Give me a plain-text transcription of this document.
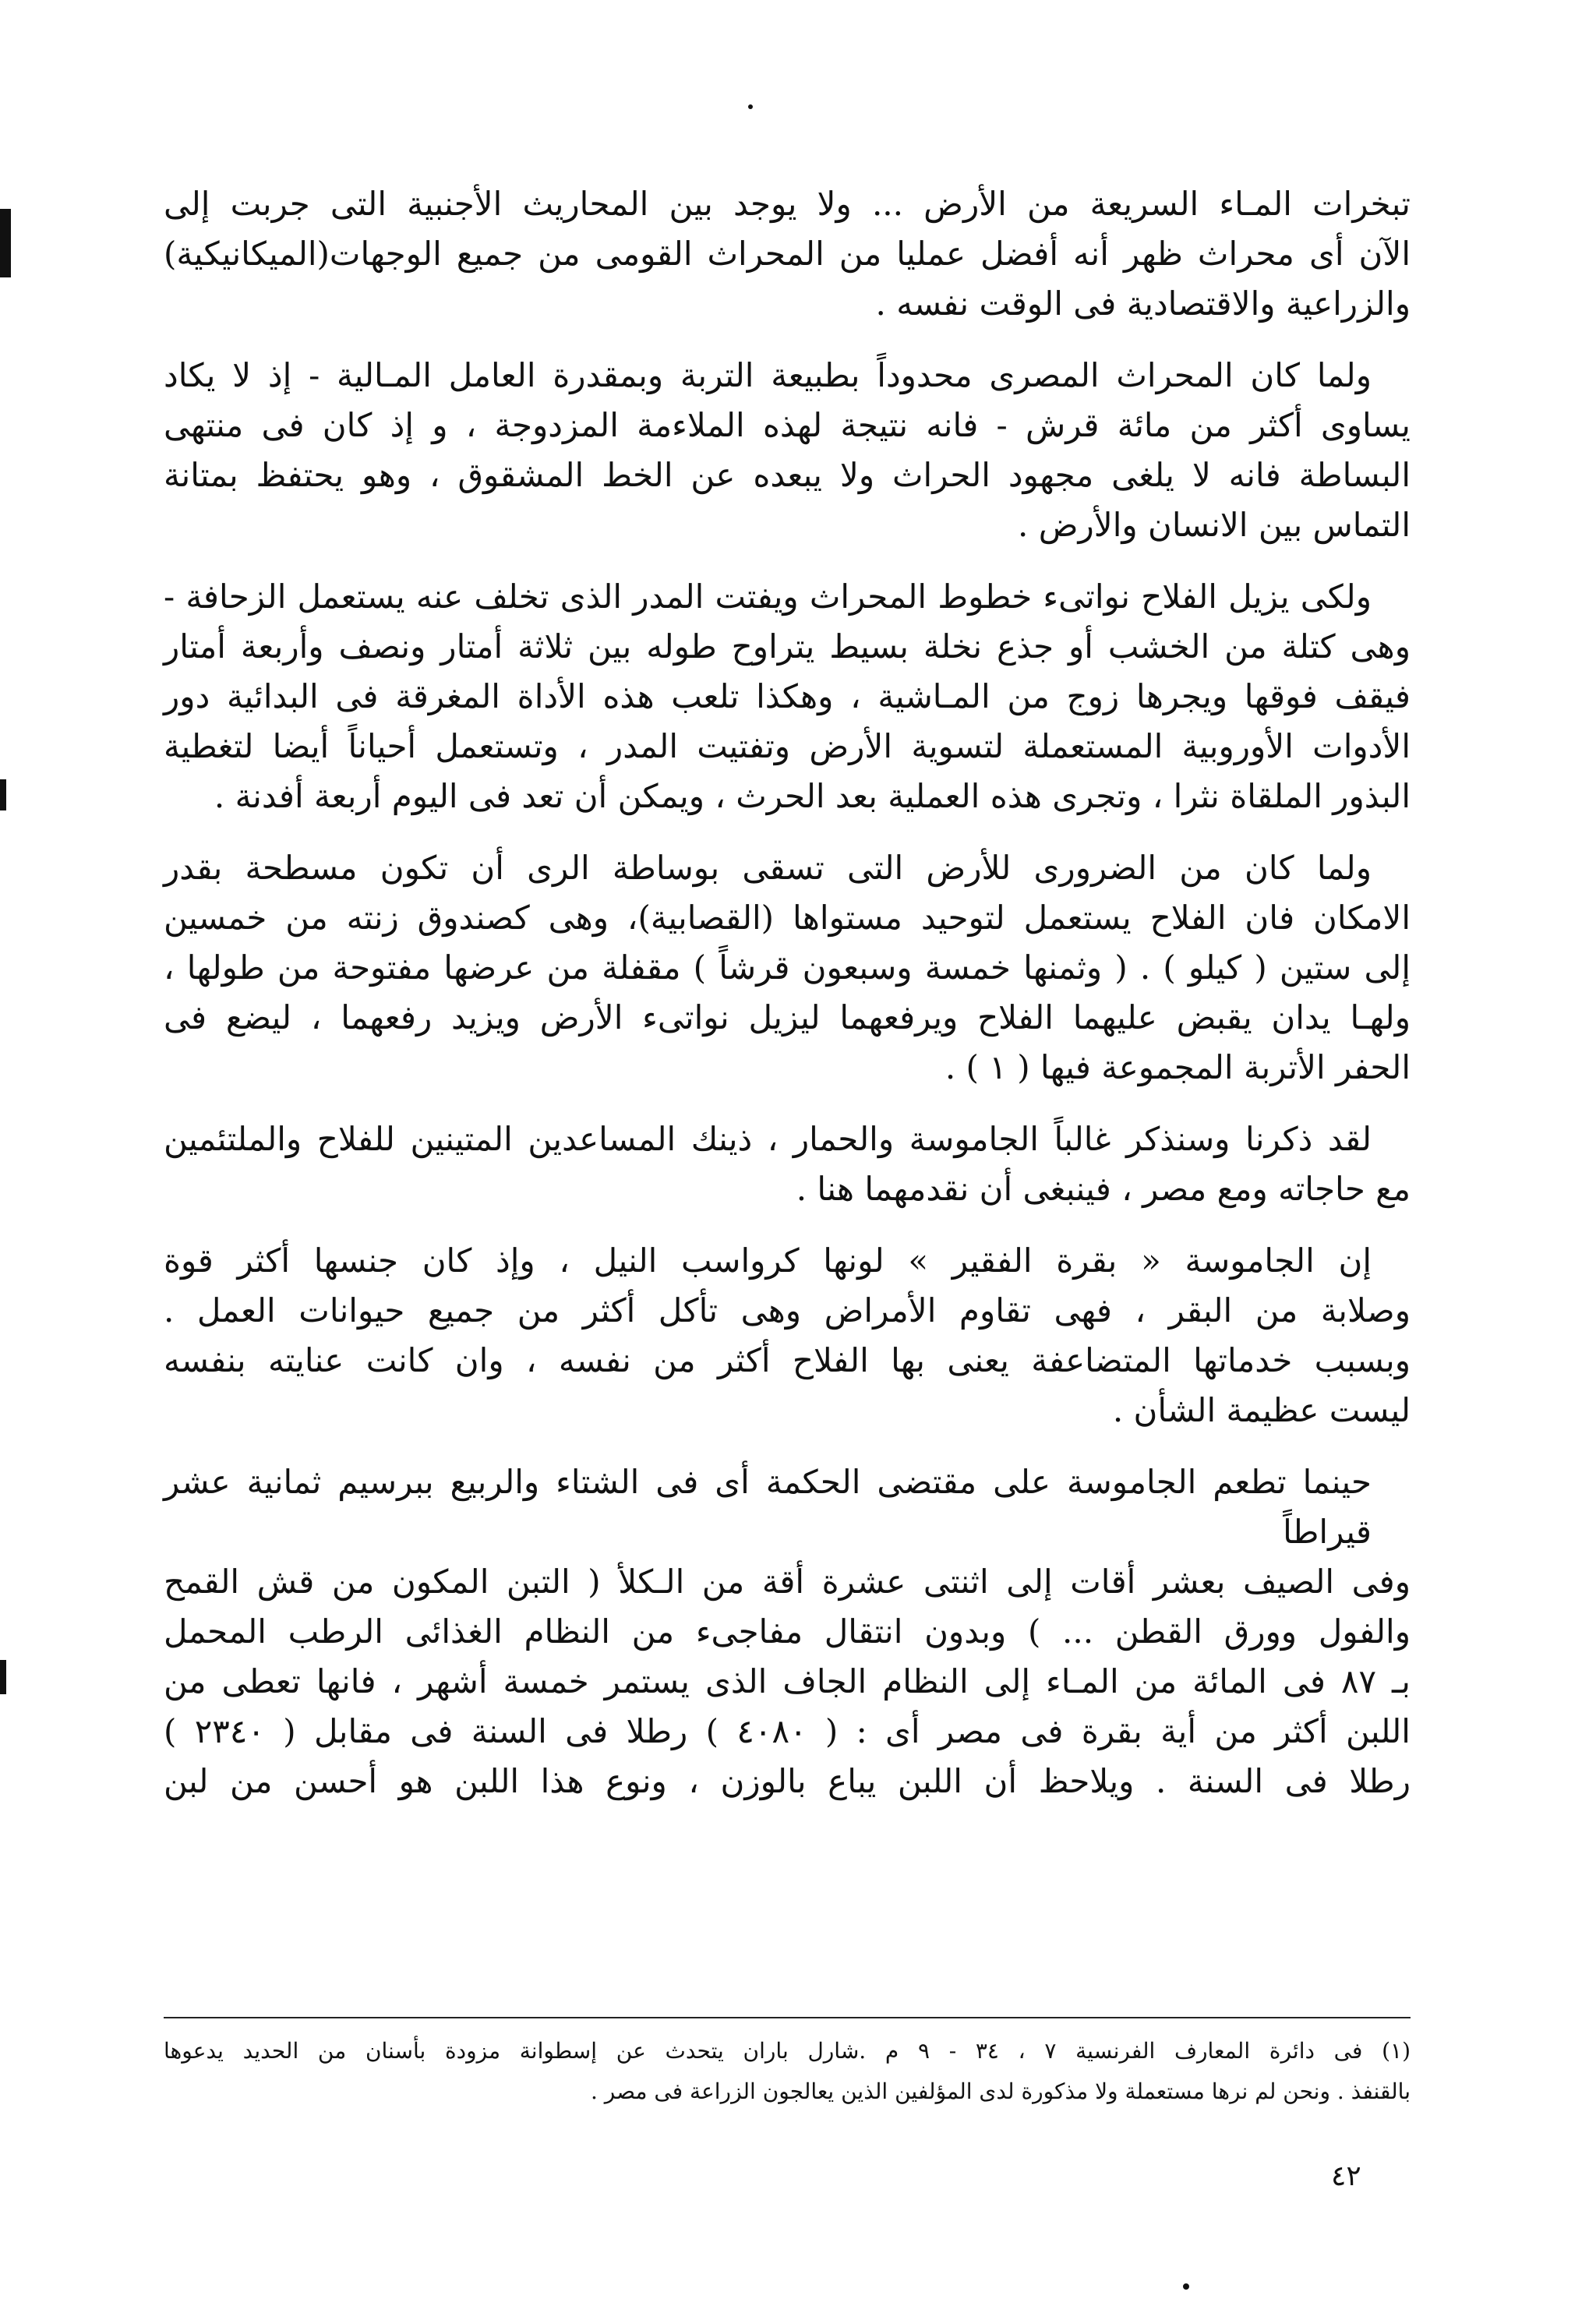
تبخرات المـاء السريعة من الأرض ... ولا يوجد بين المحاريث الأجنبية التى جربت إلى
الآن أى محراث ظهر أنه أفضل عمليا من المحراث القومى من جميع الوجهات(الميكانيكية)
والزراعية والاقتصادية فى الوقت نفسه .

ولما كان المحراث المصرى محدوداً بطبيعة التربة وبمقدرة العامل المـالية - إذ لا يكاد
يساوى أكثر من مائة قرش - فانه نتيجة لهذه الملاءمة المزدوجة ، و إذ كان فى منتهى
البساطة فانه لا يلغى مجهود الحراث ولا يبعده عن الخط المشقوق ، وهو يحتفظ بمتانة
التماس بين الانسان والأرض .

ولكى يزيل الفلاح نواتىء خطوط المحراث ويفتت المدر الذى تخلف عنه يستعمل الزحافة -
وهى كتلة من الخشب أو جذع نخلة بسيط يتراوح طوله بين ثلاثة أمتار ونصف وأربعة أمتار
فيقف فوقها ويجرها زوج من المـاشية ، وهكذا تلعب هذه الأداة المغرقة فى البدائية دور
الأدوات الأوروبية المستعملة لتسوية الأرض وتفتيت المدر ، وتستعمل أحياناً أيضا لتغطية
البذور الملقاة نثرا ، وتجرى هذه العملية بعد الحرث ، ويمكن أن تعد فى اليوم أربعة أفدنة .

ولما كان من الضرورى للأرض التى تسقى بوساطة الرى أن تكون مسطحة بقدر
الامكان فان الفلاح يستعمل لتوحيد مستواها (القصابية)، وهى كصندوق زنته من خمسين
إلى ستين ( كيلو ) . ( وثمنها خمسة وسبعون قرشاً ) مقفلة من عرضها مفتوحة من طولها ،
ولهـا يدان يقبض عليهما الفلاح ويرفعهما ليزيل نواتىء الأرض ويزيد رفعهما ، ليضع فى
الحفر الأتربة المجموعة فيها ( ١ ) .

لقد ذكرنا وسنذكر غالباً الجاموسة والحمار ، ذينك المساعدين المتينين للفلاح والملتئمين
مع حاجاته ومع مصر ، فينبغى أن نقدمهما هنا .

إن الجاموسة « بقرة الفقير » لونها كرواسب النيل ، وإذ كان جنسها أكثر قوة
وصلابة من البقر ، فهى تقاوم الأمراض وهى تأكل أكثر من جميع حيوانات العمل .
وبسبب خدماتها المتضاعفة يعنى بها الفلاح أكثر من نفسه ، وان كانت عنايته بنفسه
ليست عظيمة الشأن .

حينما تطعم الجاموسة على مقتضى الحكمة أى فى الشتاء والربيع ببرسيم ثمانية عشر قيراطاً
وفى الصيف بعشر أقات إلى اثنتى عشرة أقة من الـكلأ ( التبن المكون من قش القمح
والفول وورق القطن ... ) وبدون انتقال مفاجىء من النظام الغذائى الرطب المحمل
بـ ٨٧ فى المائة من المـاء إلى النظام الجاف الذى يستمر خمسة أشهر ، فانها تعطى من
اللبن أكثر من أية بقرة فى مصر أى : ( ٤٠٨٠ ) رطلا فى السنة فى مقابل ( ٢٣٤٠ )
رطلا فى السنة . ويلاحظ أن اللبن يباع بالوزن ، ونوع هذا اللبن هو أحسن من لبن

(١) فى دائرة المعارف الفرنسية ٧ ، ٣٤ - ٩ م .شارل باران يتحدث عن إسطوانة مزودة بأسنان من الحديد يدعوها
بالقنفذ . ونحن لم نرها مستعملة ولا مذكورة لدى المؤلفين الذين يعالجون الزراعة فى مصر .
٤٢
